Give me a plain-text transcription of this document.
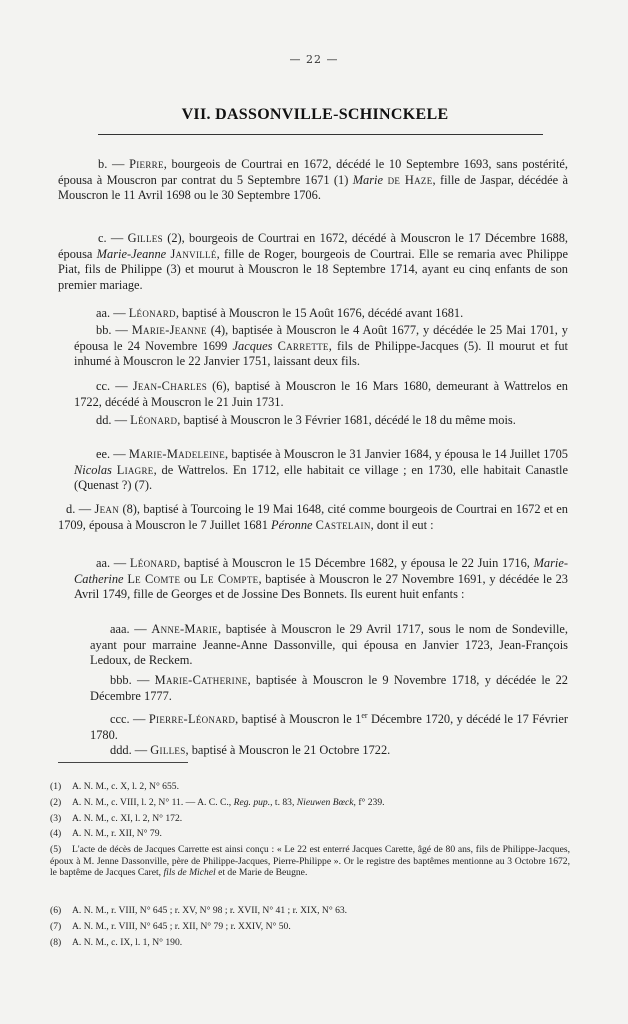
— 22 —
VII. DASSONVILLE-SCHINCKELE

b. — Pierre, bourgeois de Courtrai en 1672, décédé le 10 Septembre 1693, sans postérité, épousa à Mouscron par contrat du 5 Septembre 1671 (1) Marie de Haze, fille de Jaspar, décédée à Mouscron le 11 Avril 1698 ou le 30 Septembre 1706.

c. — Gilles (2), bourgeois de Courtrai en 1672, décédé à Mouscron le 17 Décembre 1688, épousa Marie-Jeanne Janvillé, fille de Roger, bourgeois de Courtrai. Elle se remaria avec Philippe Piat, fils de Philippe (3) et mourut à Mouscron le 18 Septembre 1714, ayant eu cinq enfants de son premier mariage.

aa. — Léonard, baptisé à Mouscron le 15 Août 1676, décédé avant 1681.

bb. — Marie-Jeanne (4), baptisée à Mouscron le 4 Août 1677, y décédée le 25 Mai 1701, y épousa le 24 Novembre 1699 Jacques Carrette, fils de Philippe-Jacques (5). Il mourut et fut inhumé à Mouscron le 22 Janvier 1751, laissant deux fils.

cc. — Jean-Charles (6), baptisé à Mouscron le 16 Mars 1680, demeurant à Wattrelos en 1722, décédé à Mouscron le 21 Juin 1731.

dd. — Léonard, baptisé à Mouscron le 3 Février 1681, décédé le 18 du même mois.

ee. — Marie-Madeleine, baptisée à Mouscron le 31 Janvier 1684, y épousa le 14 Juillet 1705 Nicolas Liagre, de Wattrelos. En 1712, elle habitait ce village ; en 1730, elle habitait Canastle (Quenast ?) (7).

d. — Jean (8), baptisé à Tourcoing le 19 Mai 1648, cité comme bourgeois de Courtrai en 1672 et en 1709, épousa à Mouscron le 7 Juillet 1681 Péronne Castelain, dont il eut :

aa. — Léonard, baptisé à Mouscron le 15 Décembre 1682, y épousa le 22 Juin 1716, Marie-Catherine Le Comte ou Le Compte, baptisée à Mouscron le 27 Novembre 1691, y décédée le 23 Avril 1749, fille de Georges et de Jossine Des Bonnets. Ils eurent huit enfants :

aaa. — Anne-Marie, baptisée à Mouscron le 29 Avril 1717, sous le nom de Sondeville, ayant pour marraine Jeanne-Anne Dassonville, qui épousa en Janvier 1723, Jean-François Ledoux, de Reckem.

bbb. — Marie-Catherine, baptisée à Mouscron le 9 Novembre 1718, y décédée le 22 Décembre 1777.

ccc. — Pierre-Léonard, baptisé à Mouscron le 1er Décembre 1720, y décédé le 17 Février 1780.

ddd. — Gilles, baptisé à Mouscron le 21 Octobre 1722.

(1) A. N. M., c. X, l. 2, N° 655.

(2) A. N. M., c. VIII, l. 2, N° 11. — A. C. C., Reg. pup., t. 83, Nieuwen Bœck, f° 239.

(3) A. N. M., c. XI, l. 2, N° 172.

(4) A. N. M., r. XII, N° 79.

(5) L'acte de décès de Jacques Carrette est ainsi conçu : « Le 22 est enterré Jacques Carette, âgé de 80 ans, fils de Philippe-Jacques, époux à M. Jenne Dassonville, père de Philippe-Jacques, Pierre-Philippe ». Or le registre des baptêmes mentionne au 3 Octobre 1672, le baptême de Jacques Caret, fils de Michel et de Marie de Beugne.

(6) A. N. M., r. VIII, N° 645 ; r. XV, N° 98 ; r. XVII, N° 41 ; r. XIX, N° 63.

(7) A. N. M., r. VIII, N° 645 ; r. XII, N° 79 ; r. XXIV, N° 50.

(8) A. N. M., c. IX, l. 1, N° 190.
